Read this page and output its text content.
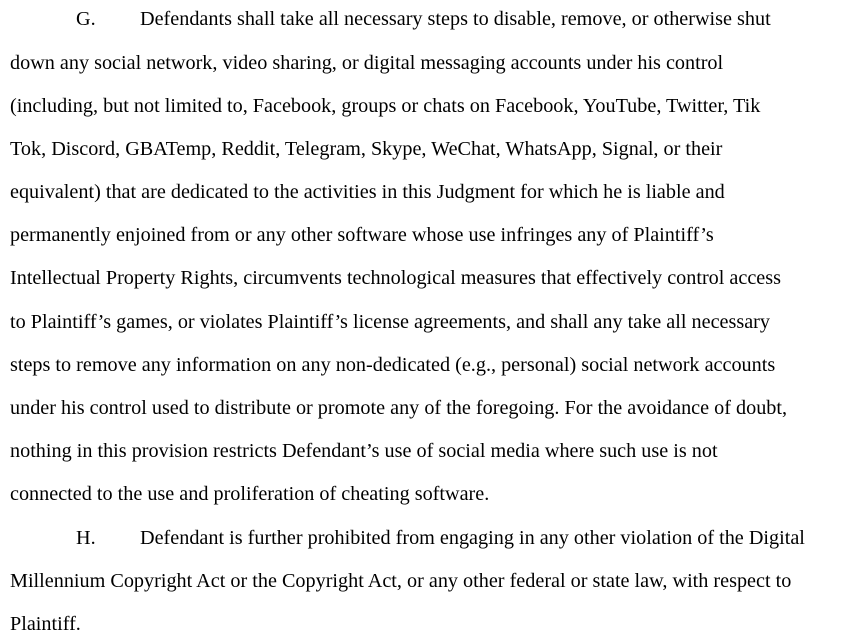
G. Defendants shall take all necessary steps to disable, remove, or otherwise shut
down any social network, video sharing, or digital messaging accounts under his control
(including, but not limited to, Facebook, groups or chats on Facebook, YouTube, Twitter, Tik
Tok, Discord, GBATemp, Reddit, Telegram, Skype, WeChat, WhatsApp, Signal, or their
equivalent) that are dedicated to the activities in this Judgment for which he is liable and
permanently enjoined from or any other software whose use infringes any of Plaintiff’s
Intellectual Property Rights, circumvents technological measures that effectively control access
to Plaintiff’s games, or violates Plaintiff’s license agreements, and shall any take all necessary
steps to remove any information on any non-dedicated (e.g., personal) social network accounts
under his control used to distribute or promote any of the foregoing. For the avoidance of doubt,
nothing in this provision restricts Defendant’s use of social media where such use is not
connected to the use and proliferation of cheating software.
H. Defendant is further prohibited from engaging in any other violation of the Digital
Millennium Copyright Act or the Copyright Act, or any other federal or state law, with respect to
Plaintiff.
